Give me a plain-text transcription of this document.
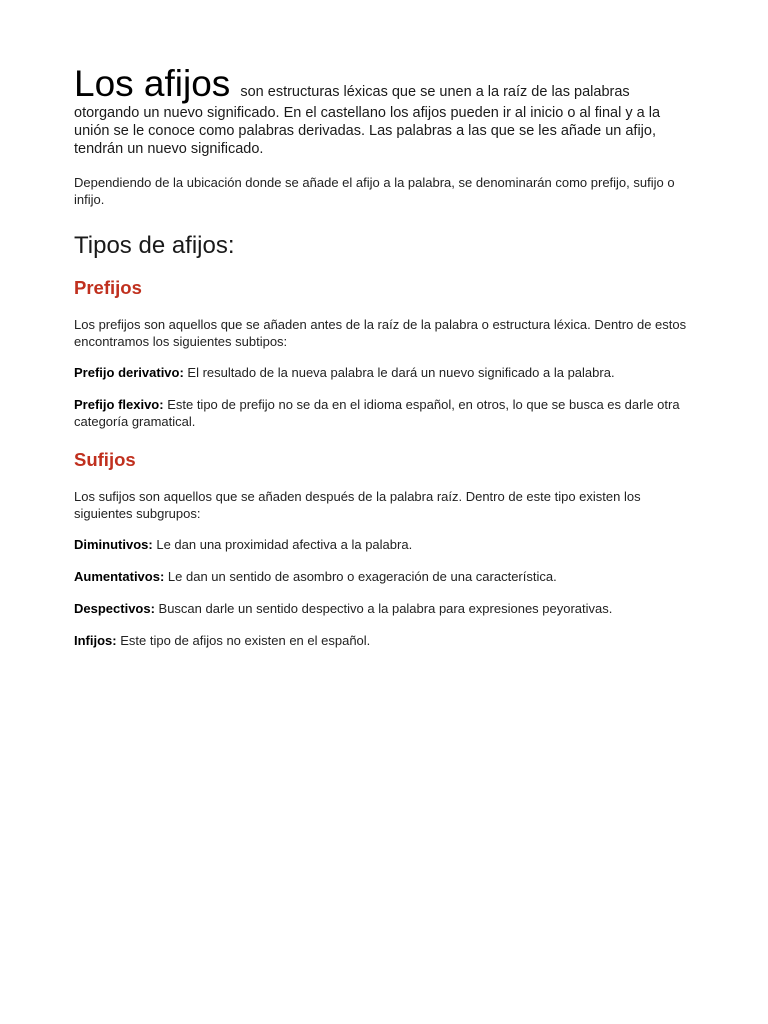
Los afijos son estructuras léxicas que se unen a la raíz de las palabras otorgando un nuevo significado. En el castellano los afijos pueden ir al inicio o al final y a la unión se le conoce como palabras derivadas. Las palabras a las que se les añade un afijo, tendrán un nuevo significado.

Dependiendo de la ubicación donde se añade el afijo a la palabra, se denominarán como prefijo, sufijo o infijo.

Tipos de afijos:
Prefijos

Los prefijos son aquellos que se añaden antes de la raíz de la palabra o estructura léxica. Dentro de estos encontramos los siguientes subtipos:

Prefijo derivativo: El resultado de la nueva palabra le dará un nuevo significado a la palabra.

Prefijo flexivo: Este tipo de prefijo no se da en el idioma español, en otros, lo que se busca es darle otra categoría gramatical.

Sufijos

Los sufijos son aquellos que se añaden después de la palabra raíz. Dentro de este tipo existen los siguientes subgrupos:

Diminutivos: Le dan una proximidad afectiva a la palabra.

Aumentativos: Le dan un sentido de asombro o exageración de una característica.

Despectivos: Buscan darle un sentido despectivo a la palabra para expresiones peyorativas.

Infijos: Este tipo de afijos no existen en el español.
